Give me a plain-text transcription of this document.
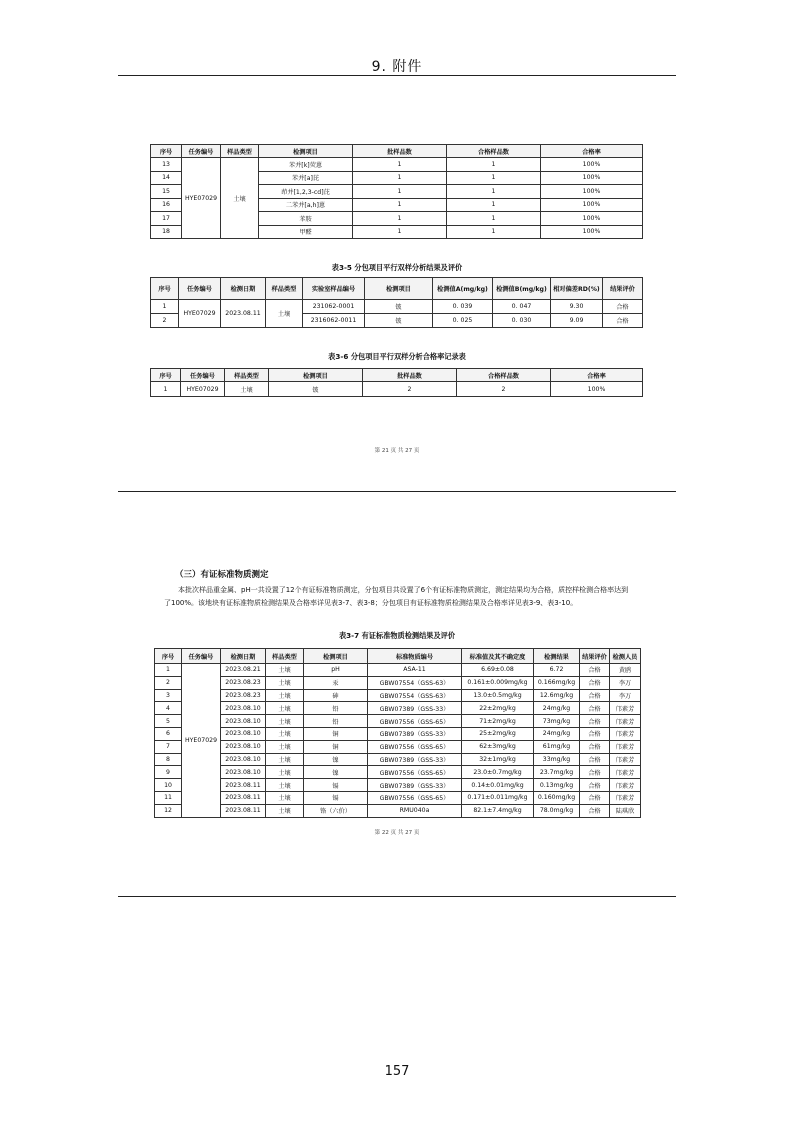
9. 附件
序号	任务编号	样品类型	检测项目	批样品数	合格样品数	合格率
13	HYE07029	土壤	苯并[k]荧蒽	1	1	100%
14			苯并[a]芘	1	1	100%
15			茚并[1,2,3-cd]芘	1	1	100%
16			二苯并[a,h]蒽	1	1	100%
17			苯胺	1	1	100%
18			甲醛	1	1	100%
表3-5 分包项目平行双样分析结果及评价
序号	任务编号	检测日期	样品类型	实验室样品编号	检测项目	检测值A(mg/kg)	检测值B(mg/kg)	相对偏差RD(%)	结果评价
1	HYE07029	2023.08.11	土壤	231062-0001	铍	0. 039	0. 047	9.30	合格
2				2316062-0011	铍	0. 025	0. 030	9.09	合格
表3-6 分包项目平行双样分析合格率记录表
序号	任务编号	样品类型	检测项目	批样品数	合格样品数	合格率
1	HYE07029	土壤	铍	2	2	100%
第 21 页 共 27 页
（三）有证标准物质测定
本批次样品重金属、pH一共设置了12个有证标准物质测定，分包项目共设置了6个有证标准物质测定，测定结果均为合格，质控样检测合格率达到了100%。该地块有证标准物质检测结果及合格率详见表3-7、表3-8；分包项目有证标准物质检测结果及合格率详见表3-9、表3-10。
表3-7 有证标准物质检测结果及评价
序号	任务编号	检测日期	样品类型	检测项目	标准物质编号	标准值及其不确定度	检测结果	结果评价	检测人员
1	HYE07029	2023.08.21	土壤	pH	ASA-11	6.69±0.08	6.72	合格	黄鸥
2		2023.08.23	土壤	汞	GBW07554（GSS-63）	0.161±0.009mg/kg	0.166mg/kg	合格	李万
3		2023.08.23	土壤	砷	GBW07554（GSS-63）	13.0±0.5mg/kg	12.6mg/kg	合格	李万
4		2023.08.10	土壤	铅	GBW07389（GSS-33）	22±2mg/kg	24mg/kg	合格	邝素芳
5		2023.08.10	土壤	铅	GBW07556（GSS-65）	71±2mg/kg	73mg/kg	合格	邝素芳
6		2023.08.10	土壤	铜	GBW07389（GSS-33）	25±2mg/kg	24mg/kg	合格	邝素芳
7		2023.08.10	土壤	铜	GBW07556（GSS-65）	62±3mg/kg	61mg/kg	合格	邝素芳
8		2023.08.10	土壤	镍	GBW07389（GSS-33）	32±1mg/kg	33mg/kg	合格	邝素芳
9		2023.08.10	土壤	镍	GBW07556（GSS-65）	23.0±0.7mg/kg	23.7mg/kg	合格	邝素芳
10		2023.08.11	土壤	镉	GBW07389（GSS-33）	0.14±0.01mg/kg	0.13mg/kg	合格	邝素芳
11		2023.08.11	土壤	镉	GBW07556（GSS-65）	0.171±0.011mg/kg	0.160mg/kg	合格	邝素芳
12		2023.08.11	土壤	铬（六价）	RMU040a	82.1±7.4mg/kg	78.0mg/kg	合格	陆琪欣
第 22 页 共 27 页
157
